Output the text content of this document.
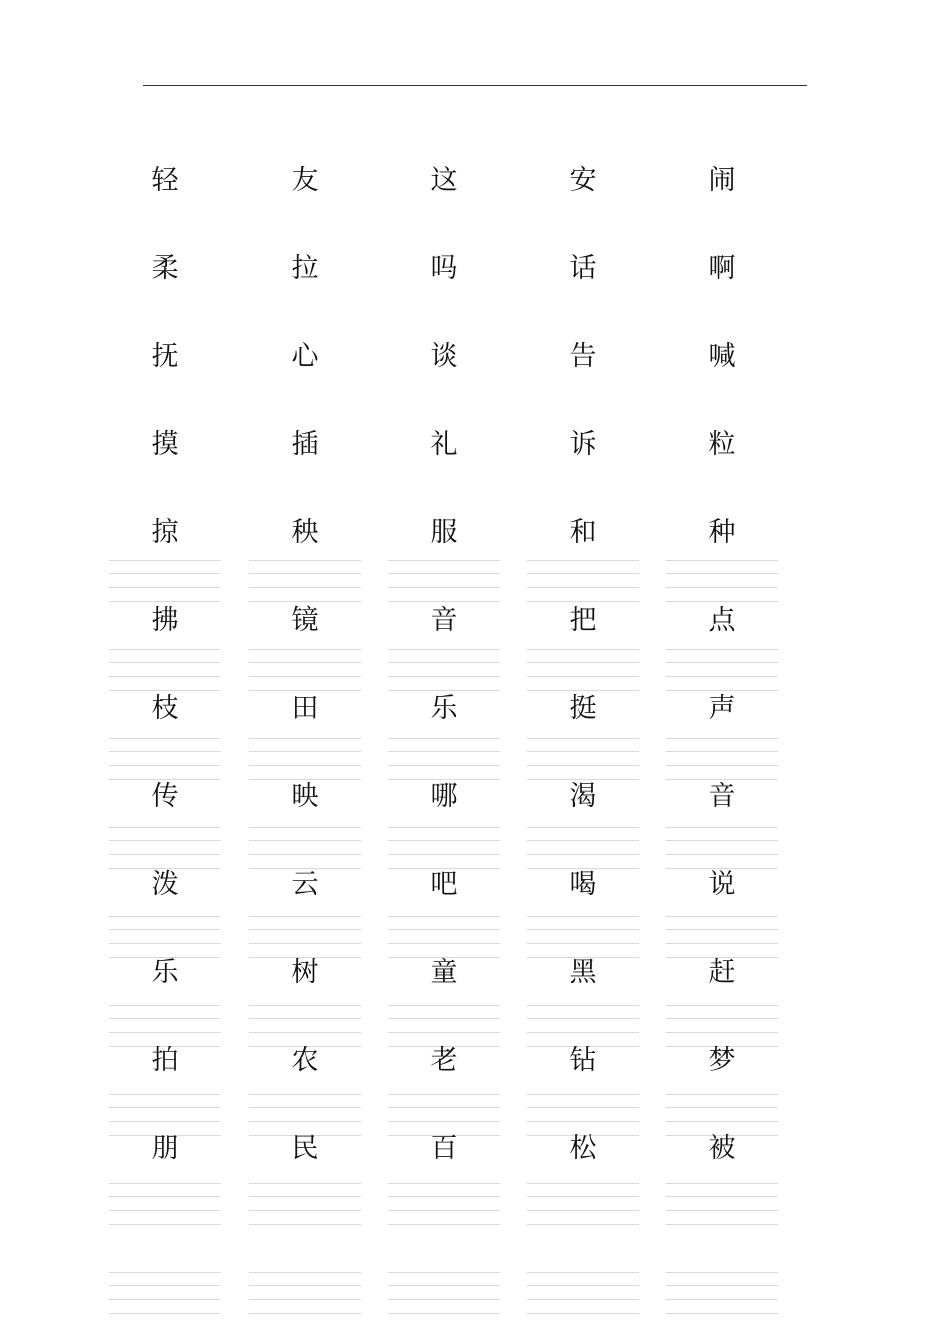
轻
柔
抚
摸
掠
拂
枝
传
泼
乐
拍
朋
友
拉
心
插
秧
镜
田
映
云
树
农
民
这
吗
谈
礼
服
音
乐
哪
吧
童
老
百
安
话
告
诉
和
把
挺
渴
喝
黑
钻
松
闹
啊
喊
粒
种
点
声
音
说
赶
梦
被
